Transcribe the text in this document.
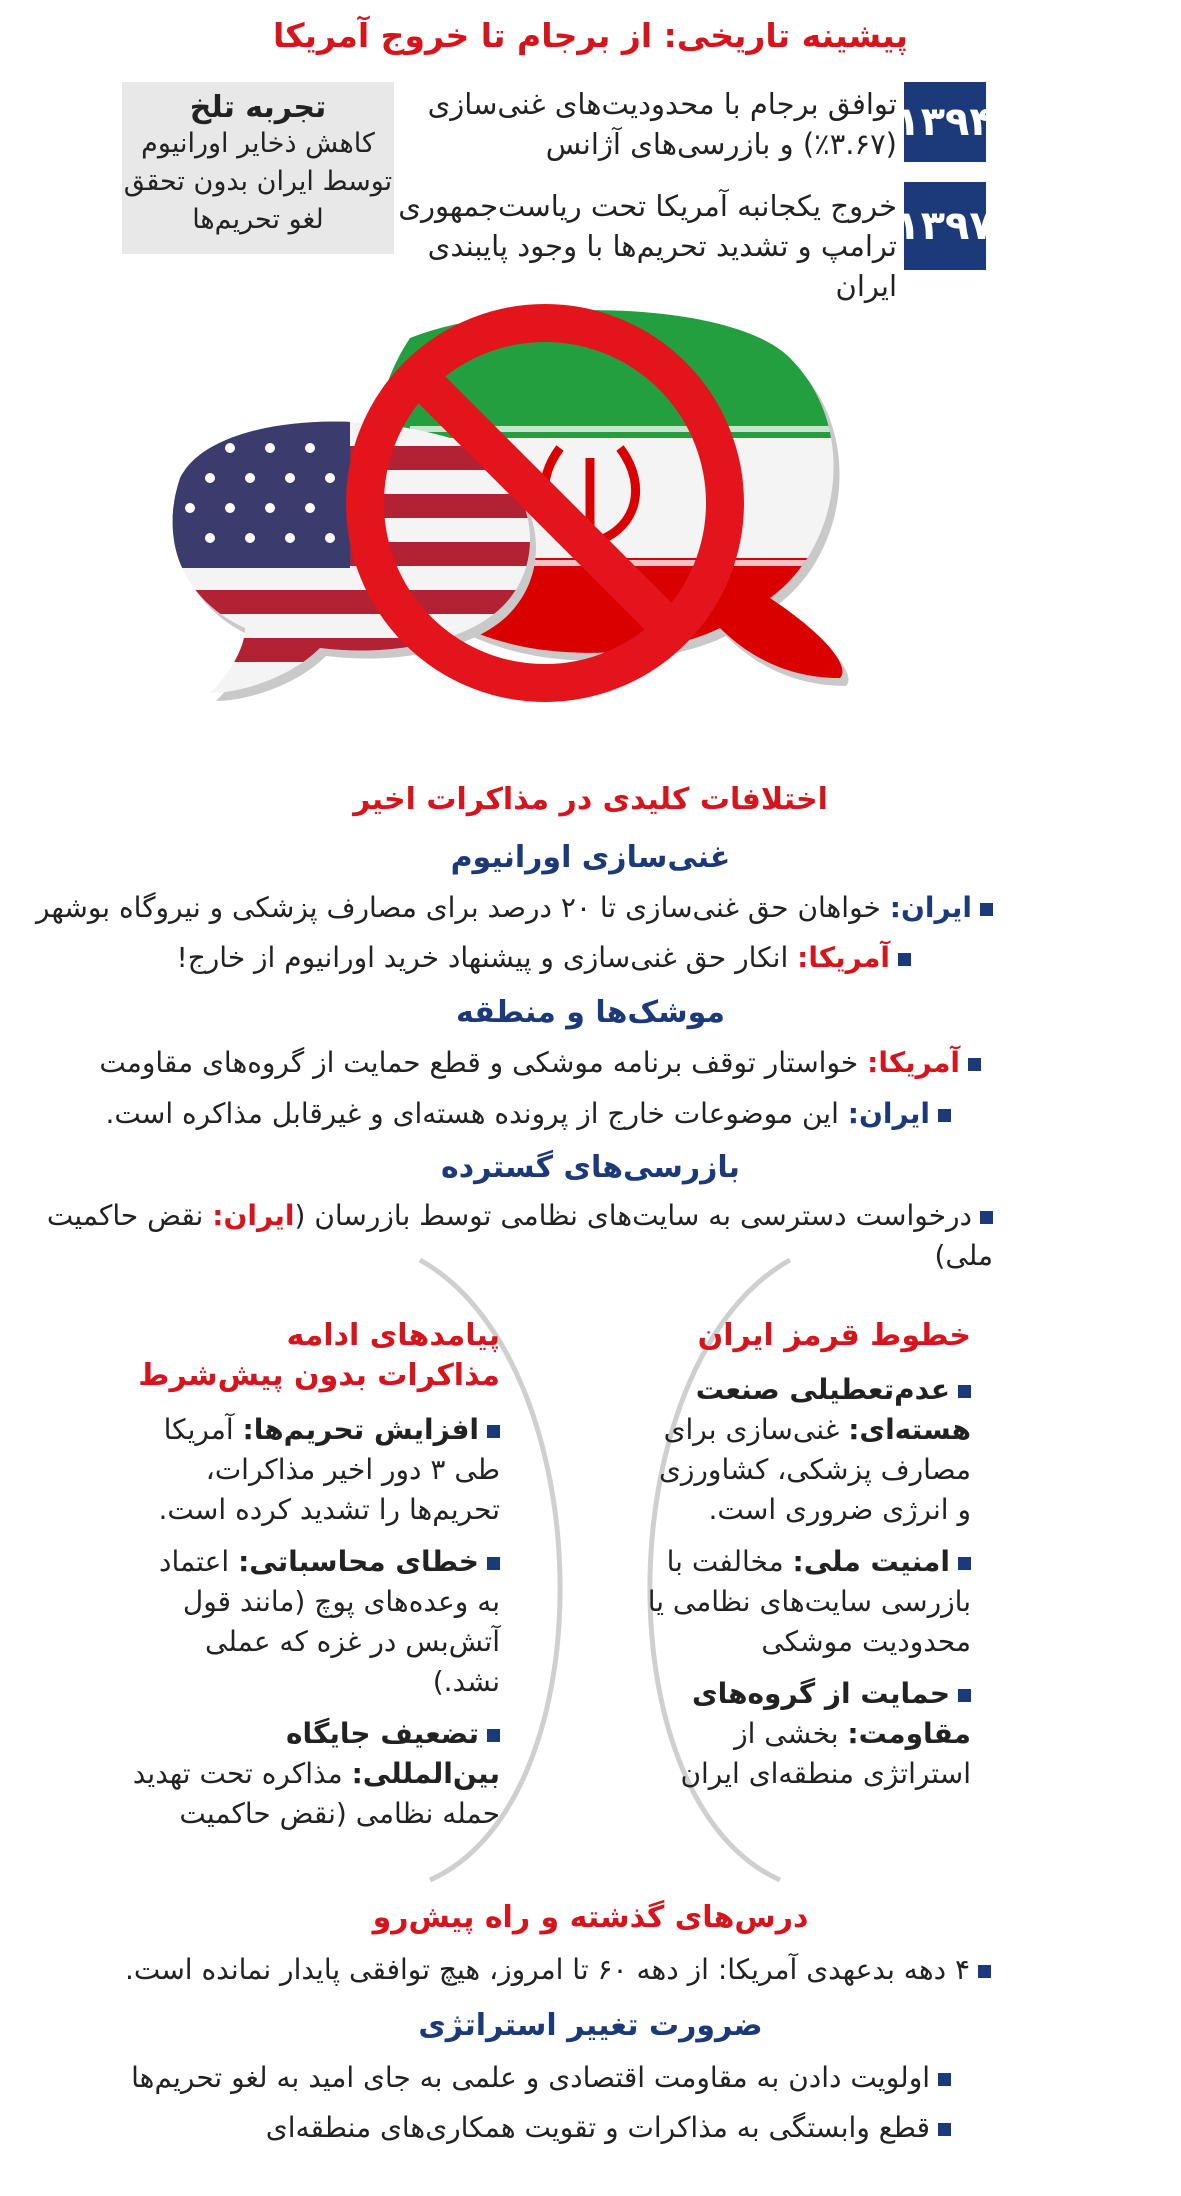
پیشینه تاریخی: از برجام تا خروج آمریکا
۱۳۹۴
توافق برجام با محدودیت‌های غنی‌سازی (۳.۶۷٪) و بازرسی‌های آژانس
۱۳۹۷
خروج یکجانبه آمریکا تحت ریاست‌جمهوری ترامپ و تشدید تحریم‌ها با وجود پایبندی ایران
تجربه تلخ
کاهش ذخایر اورانیوم توسط ایران بدون تحقق لغو تحریم‌ها
اختلافات کلیدی در مذاکرات اخیر
غنی‌سازی اورانیوم
ایران: خواهان حق غنی‌سازی تا ۲۰ درصد برای مصارف پزشکی و نیروگاه بوشهر
آمریکا: انکار حق غنی‌سازی و پیشنهاد خرید اورانیوم از خارج!
موشک‌ها و منطقه
آمریکا: خواستار توقف برنامه موشکی و قطع حمایت از گروه‌های مقاومت
ایران: این موضوعات خارج از پرونده هسته‌ای و غیرقابل مذاکره است.
بازرسی‌های گسترده
درخواست دسترسی به سایت‌های نظامی توسط بازرسان (ایران: نقض حاکمیت ملی)
خطوط قرمز ایران
عدم‌تعطیلی صنعت هسته‌ای: غنی‌سازی برای مصارف پزشکی، کشاورزی و انرژی ضروری است.
امنیت ملی: مخالفت با بازرسی سایت‌های نظامی یا محدودیت موشکی
حمایت از گروه‌های مقاومت: بخشی از استراتژی منطقه‌ای ایران
پیامدهای ادامه
مذاکرات بدون پیش‌شرط
افزایش تحریم‌ها: آمریکا طی ۳ دور اخیر مذاکرات، تحریم‌ها را تشدید کرده است.
خطای محاسباتی: اعتماد به وعده‌های پوچ (مانند قول آتش‌بس در غزه که عملی نشد.)
تضعیف جایگاه بین‌المللی: مذاکره تحت تهدید حمله نظامی (نقض حاکمیت
درس‌های گذشته و راه پیش‌رو
۴ دهه بدعهدی آمریکا: از دهه ۶۰ تا امروز، هیچ توافقی پایدار نمانده است.
ضرورت تغییر استراتژی
اولویت دادن به مقاومت اقتصادی و علمی به جای امید به لغو تحریم‌ها
قطع وابستگی به مذاکرات و تقویت همکاری‌های منطقه‌ای
